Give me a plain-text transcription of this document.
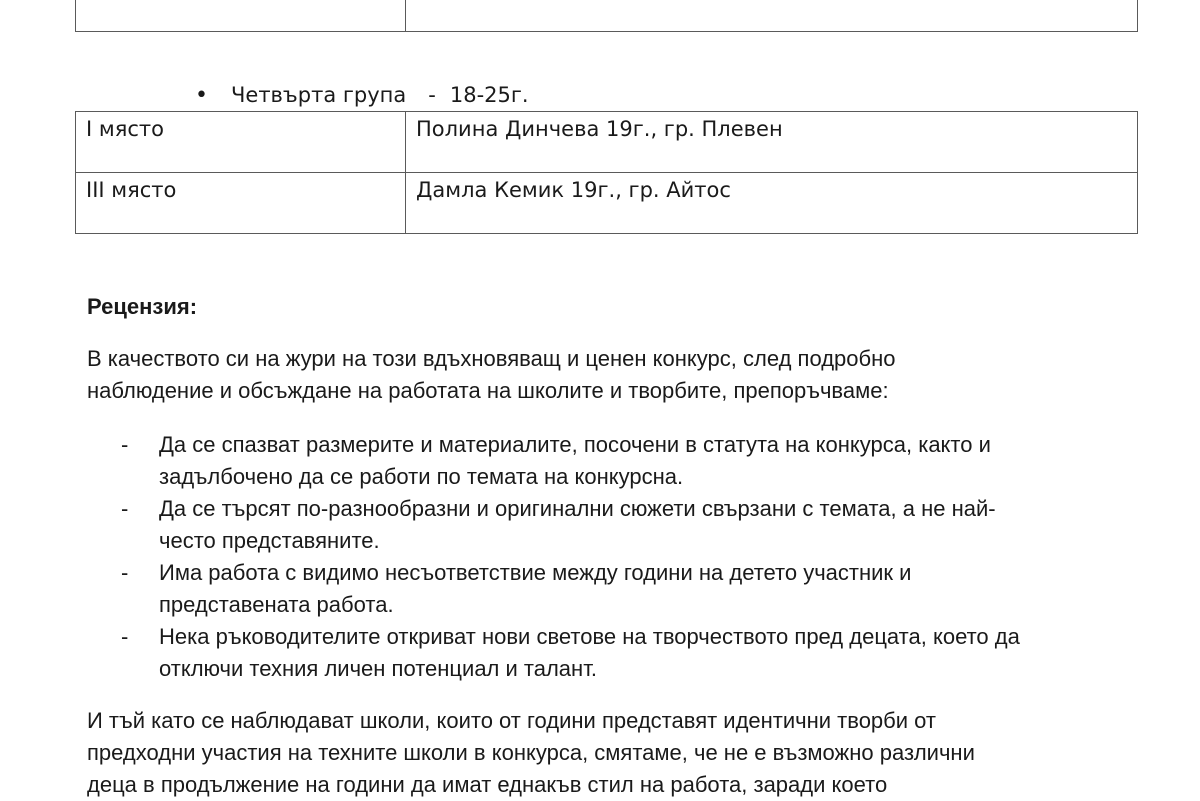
• Четвърта група - 18-25г.
I място	Полина Динчева 19г., гр. Плевен
III място	Дамла Кемик 19г., гр. Айтос
Рецензия:
В качеството си на жури на този вдъхновяващ и ценен конкурс, след подробно
наблюдение и обсъждане на работата на школите и творбите, препоръчваме:
- Да се спазват размерите и материалите, посочени в статута на конкурса, както и
задълбочено да се работи по темата на конкурсна.
- Да се търсят по-разнообразни и оригинални сюжети свързани с темата, а не най-
често представяните.
- Има работа с видимо несъответствие между години на детето участник и
представената работа.
- Нека ръководителите откриват нови светове на творчеството пред децата, което да
отключи техния личен потенциал и талант.
И тъй като се наблюдават школи, които от години представят идентични творби от
предходни участия на техните школи в конкурса, смятаме, че не е възможно различни
деца в продължение на години да имат еднакъв стил на работа, заради което
